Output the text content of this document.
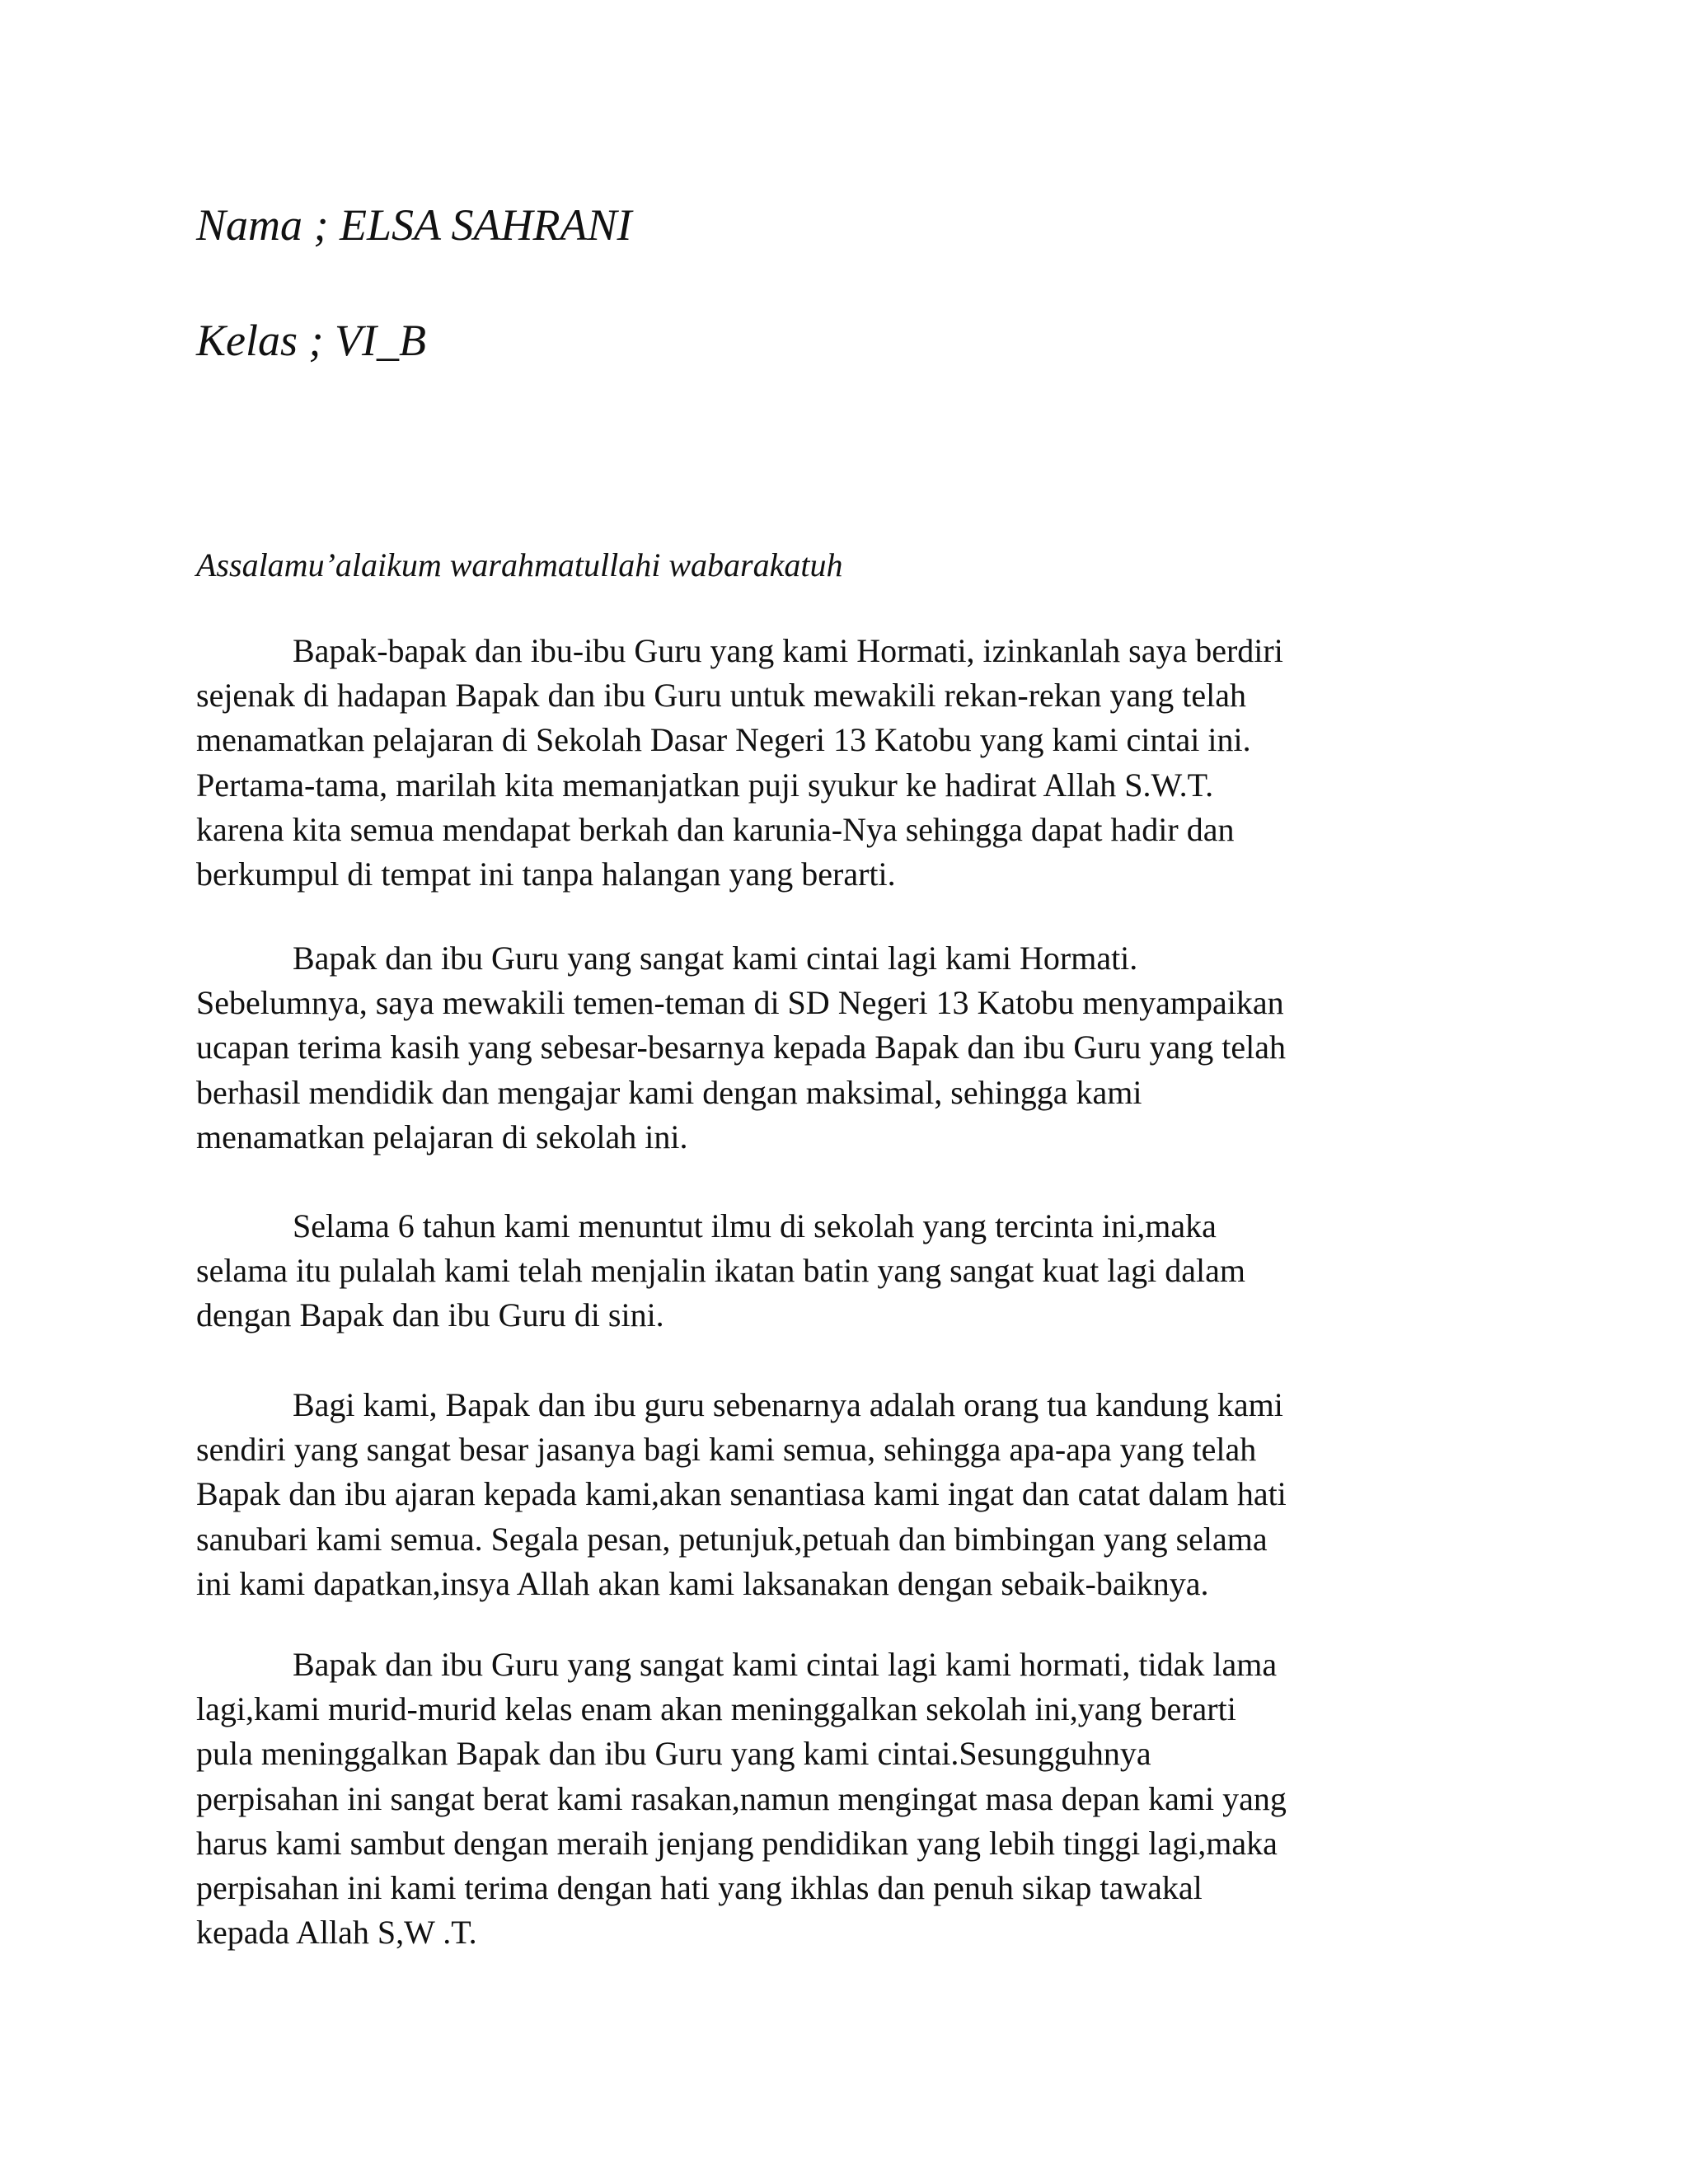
Nama ; ELSA SAHRANI
Kelas ; VI_B

Assalamu’alaikum warahmatullahi wabarakatuh

Bapak-bapak dan ibu-ibu Guru yang kami Hormati, izinkanlah saya berdiri
sejenak di hadapan Bapak dan ibu Guru untuk mewakili rekan-rekan yang telah
menamatkan pelajaran di Sekolah Dasar Negeri 13 Katobu yang kami cintai ini.
Pertama-tama, marilah kita memanjatkan puji syukur ke hadirat Allah S.W.T.
karena kita semua mendapat berkah dan karunia-Nya sehingga dapat hadir dan
berkumpul di tempat ini tanpa halangan yang berarti.
Bapak dan ibu Guru yang sangat kami cintai lagi kami Hormati.
Sebelumnya, saya mewakili temen-teman di SD Negeri 13 Katobu menyampaikan
ucapan terima kasih yang sebesar-besarnya kepada Bapak dan ibu Guru yang telah
berhasil mendidik dan mengajar kami dengan maksimal, sehingga kami
menamatkan pelajaran di sekolah ini.
Selama 6 tahun kami menuntut ilmu di sekolah yang tercinta ini,maka
selama itu pulalah kami telah menjalin ikatan batin yang sangat kuat lagi dalam
dengan Bapak dan ibu Guru di sini.
Bagi kami, Bapak dan ibu guru sebenarnya adalah orang tua kandung kami
sendiri yang sangat besar jasanya bagi kami semua, sehingga apa-apa yang telah
Bapak dan ibu ajaran kepada kami,akan senantiasa kami ingat dan catat dalam hati
sanubari kami semua. Segala pesan, petunjuk,petuah dan bimbingan yang selama
ini kami dapatkan,insya Allah akan kami laksanakan dengan sebaik-baiknya.
Bapak dan ibu Guru yang sangat kami cintai lagi kami hormati, tidak lama
lagi,kami murid-murid kelas enam akan meninggalkan sekolah ini,yang berarti
pula meninggalkan Bapak dan ibu Guru yang kami cintai.Sesungguhnya
perpisahan ini sangat berat kami rasakan,namun mengingat masa depan kami yang
harus kami sambut dengan meraih jenjang pendidikan yang lebih tinggi lagi,maka
perpisahan ini kami terima dengan hati yang ikhlas dan penuh sikap tawakal
kepada Allah S,W .T.
